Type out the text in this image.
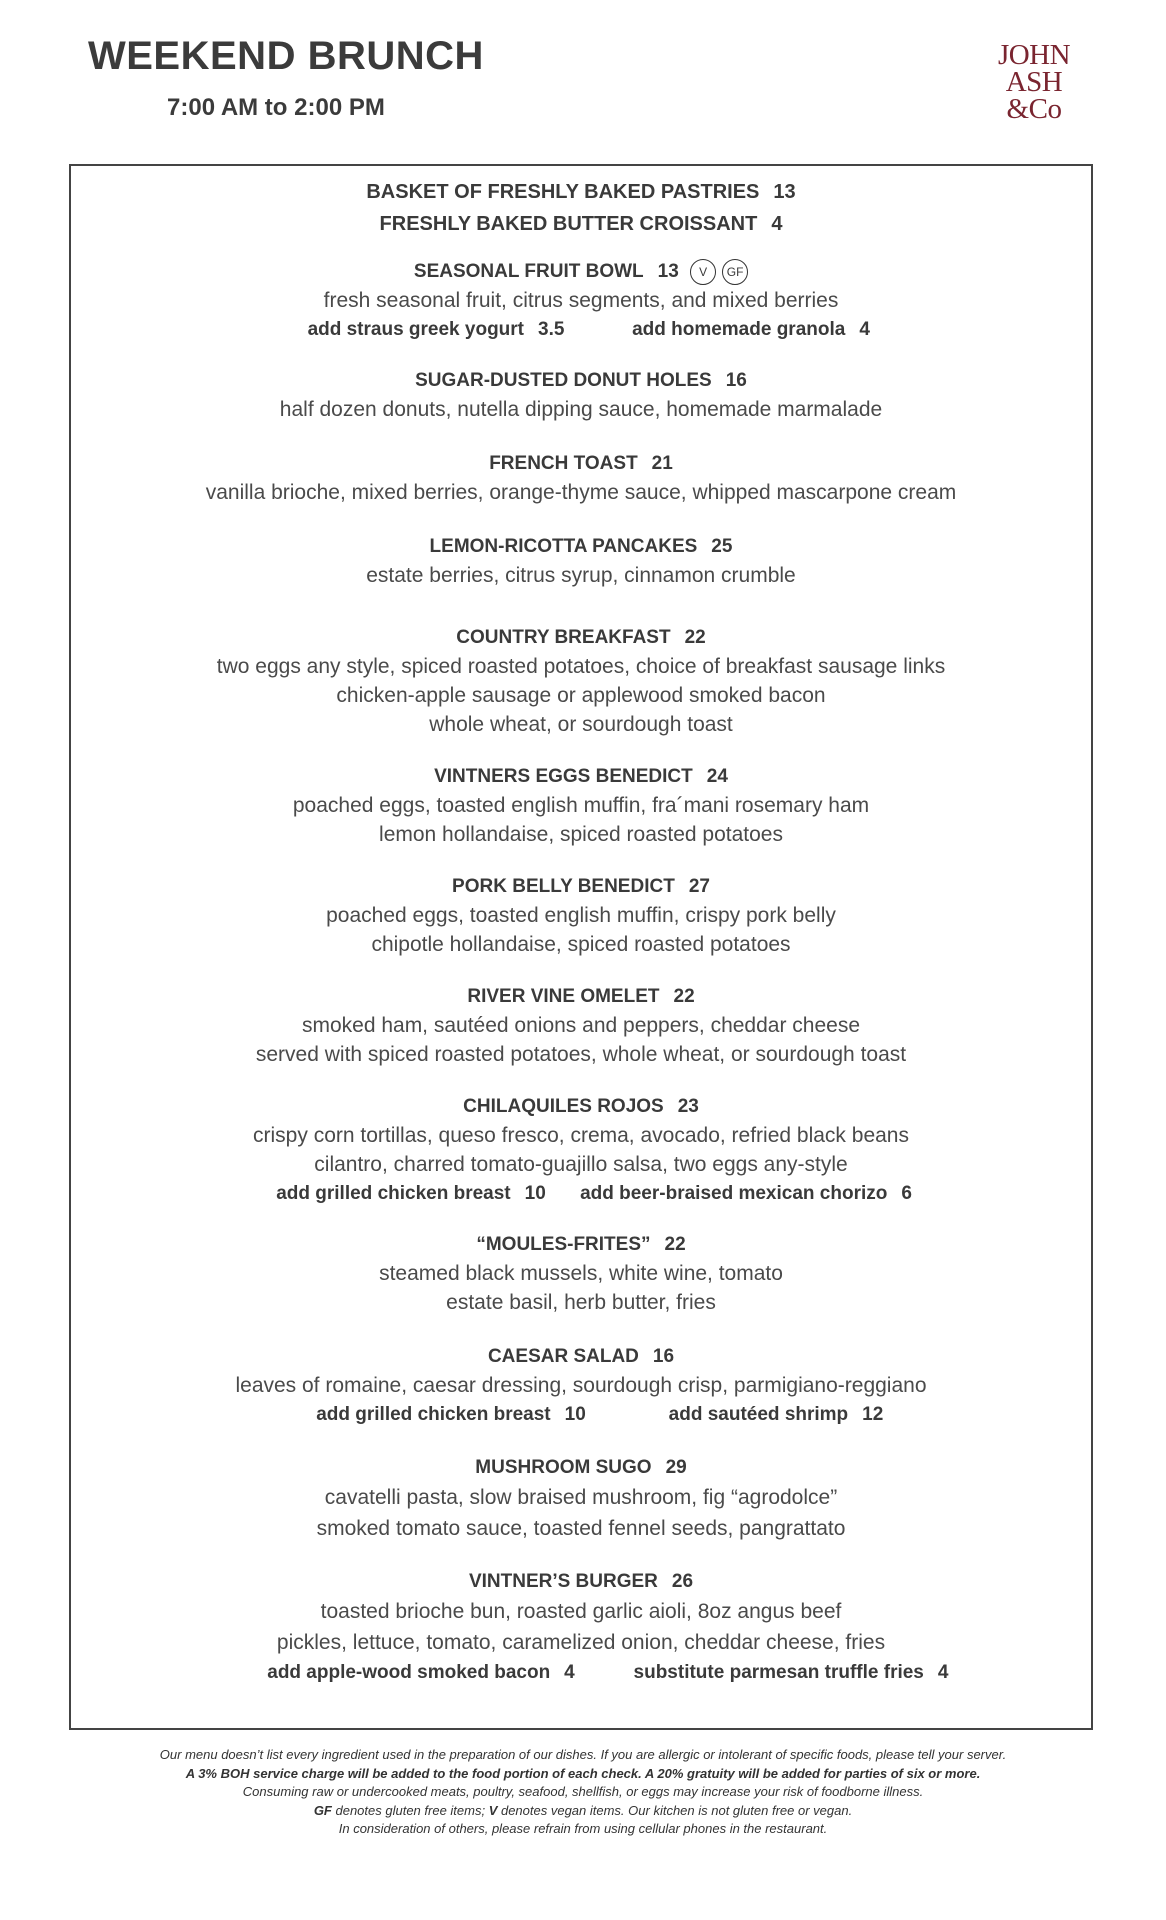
WEEKEND BRUNCH
7:00 AM to 2:00 PM
JOHN
ASH
&Co
BASKET OF FRESHLY BAKED PASTRIES 13
FRESHLY BAKED BUTTER CROISSANT 4
SEASONAL FRUIT BOWL 13 V GF
fresh seasonal fruit, citrus segments, and mixed berries
add straus greek yogurt 3.5	add homemade granola 4
SUGAR-DUSTED DONUT HOLES 16
half dozen donuts, nutella dipping sauce, homemade marmalade
FRENCH TOAST 21
vanilla brioche, mixed berries, orange-thyme sauce, whipped mascarpone cream
LEMON-RICOTTA PANCAKES 25
estate berries, citrus syrup, cinnamon crumble
COUNTRY BREAKFAST 22
two eggs any style, spiced roasted potatoes, choice of breakfast sausage links
chicken-apple sausage or applewood smoked bacon
whole wheat, or sourdough toast
VINTNERS EGGS BENEDICT 24
poached eggs, toasted english muffin, fra´mani rosemary ham
lemon hollandaise, spiced roasted potatoes
PORK BELLY BENEDICT 27
poached eggs, toasted english muffin, crispy pork belly
chipotle hollandaise, spiced roasted potatoes
RIVER VINE OMELET 22
smoked ham, sautéed onions and peppers, cheddar cheese
served with spiced roasted potatoes, whole wheat, or sourdough toast
CHILAQUILES ROJOS 23
crispy corn tortillas, queso fresco, crema, avocado, refried black beans
cilantro, charred tomato-guajillo salsa, two eggs any-style
add grilled chicken breast 10	add beer-braised mexican chorizo 6
“MOULES-FRITES” 22
steamed black mussels, white wine, tomato
estate basil, herb butter, fries
CAESAR SALAD 16
leaves of romaine, caesar dressing, sourdough crisp, parmigiano-reggiano
add grilled chicken breast 10	add sautéed shrimp 12
MUSHROOM SUGO 29
cavatelli pasta, slow braised mushroom, fig “agrodolce”
smoked tomato sauce, toasted fennel seeds, pangrattato
VINTNER’S BURGER 26
toasted brioche bun, roasted garlic aioli, 8oz angus beef
pickles, lettuce, tomato, caramelized onion, cheddar cheese, fries
add apple-wood smoked bacon 4	substitute parmesan truffle fries 4
Our menu doesn’t list every ingredient used in the preparation of our dishes. If you are allergic or intolerant of specific foods, please tell your server.
A 3% BOH service charge will be added to the food portion of each check. A 20% gratuity will be added for parties of six or more.
Consuming raw or undercooked meats, poultry, seafood, shellfish, or eggs may increase your risk of foodborne illness.
GF denotes gluten free items; V denotes vegan items. Our kitchen is not gluten free or vegan.
In consideration of others, please refrain from using cellular phones in the restaurant.
